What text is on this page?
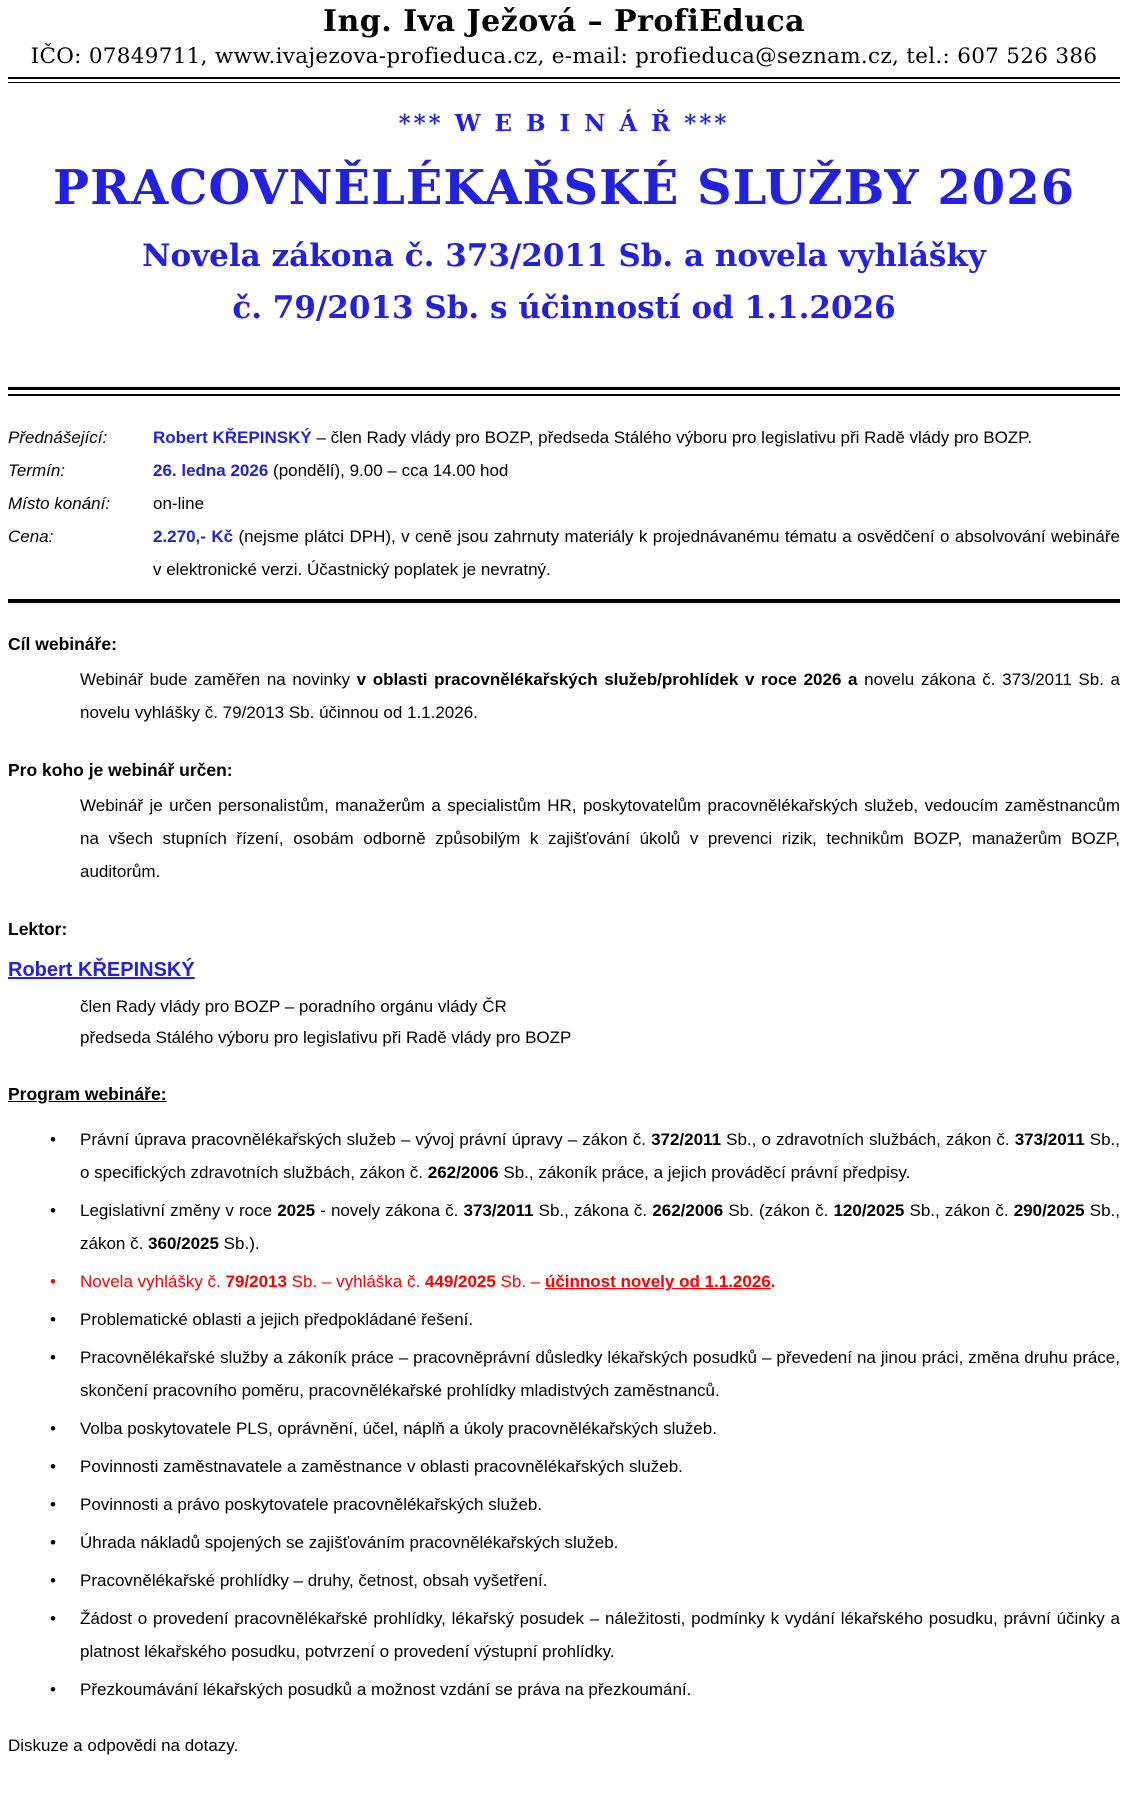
Ing. Iva Ježová – ProfiEduca
IČO: 07849711, www.ivajezova-profieduca.cz, e-mail: profieduca@seznam.cz, tel.: 607 526 386
*** W E B I N Á Ř ***
PRACOVNĚLÉKAŘSKÉ SLUŽBY 2026
Novela zákona č. 373/2011 Sb. a novela vyhlášky
č. 79/2013 Sb. s účinností od 1.1.2026
Přednášející:	Robert KŘEPINSKÝ – člen Rady vlády pro BOZP, předseda Stálého výboru pro legislativu při Radě vlády pro BOZP.
Termín:	26. ledna 2026 (pondělí), 9.00 – cca 14.00 hod
Místo konání:	on-line
Cena:	2.270,- Kč (nejsme plátci DPH), v ceně jsou zahrnuty materiály k projednávanému tématu a osvědčení o absolvování webináře v elektronické verzi. Účastnický poplatek je nevratný.
Cíl webináře:
Webinář bude zaměřen na novinky v oblasti pracovnělékařských služeb/prohlídek v roce 2026 a novelu zákona č. 373/2011 Sb. a novelu vyhlášky č. 79/2013 Sb. účinnou od 1.1.2026.
Pro koho je webinář určen:
Webinář je určen personalistům, manažerům a specialistům HR, poskytovatelům pracovnělékařských služeb, vedoucím zaměstnancům na všech stupních řízení, osobám odborně způsobilým k zajišťování úkolů v prevenci rizik, technikům BOZP, manažerům BOZP, auditorům.
Lektor:
Robert KŘEPINSKÝ
člen Rady vlády pro BOZP – poradního orgánu vlády ČR
předseda Stálého výboru pro legislativu při Radě vlády pro BOZP
Program webináře:
• Právní úprava pracovnělékařských služeb – vývoj právní úpravy – zákon č. 372/2011 Sb., o zdravotních službách, zákon č. 373/2011 Sb., o specifických zdravotních službách, zákon č. 262/2006 Sb., zákoník práce, a jejich prováděcí právní předpisy.
• Legislativní změny v roce 2025 - novely zákona č. 373/2011 Sb., zákona č. 262/2006 Sb. (zákon č. 120/2025 Sb., zákon č. 290/2025 Sb., zákon č. 360/2025 Sb.).
• Novela vyhlášky č. 79/2013 Sb. – vyhláška č. 449/2025 Sb. – účinnost novely od 1.1.2026.
• Problematické oblasti a jejich předpokládané řešení.
• Pracovnělékařské služby a zákoník práce – pracovněprávní důsledky lékařských posudků – převedení na jinou práci, změna druhu práce, skončení pracovního poměru, pracovnělékařské prohlídky mladistvých zaměstnanců.
• Volba poskytovatele PLS, oprávnění, účel, náplň a úkoly pracovnělékařských služeb.
• Povinnosti zaměstnavatele a zaměstnance v oblasti pracovnělékařských služeb.
• Povinnosti a právo poskytovatele pracovnělékařských služeb.
• Úhrada nákladů spojených se zajišťováním pracovnělékařských služeb.
• Pracovnělékařské prohlídky – druhy, četnost, obsah vyšetření.
• Žádost o provedení pracovnělékařské prohlídky, lékařský posudek – náležitosti, podmínky k vydání lékařského posudku, právní účinky a platnost lékařského posudku, potvrzení o provedení výstupní prohlídky.
• Přezkoumávání lékařských posudků a možnost vzdání se práva na přezkoumání.
Diskuze a odpovědi na dotazy.
